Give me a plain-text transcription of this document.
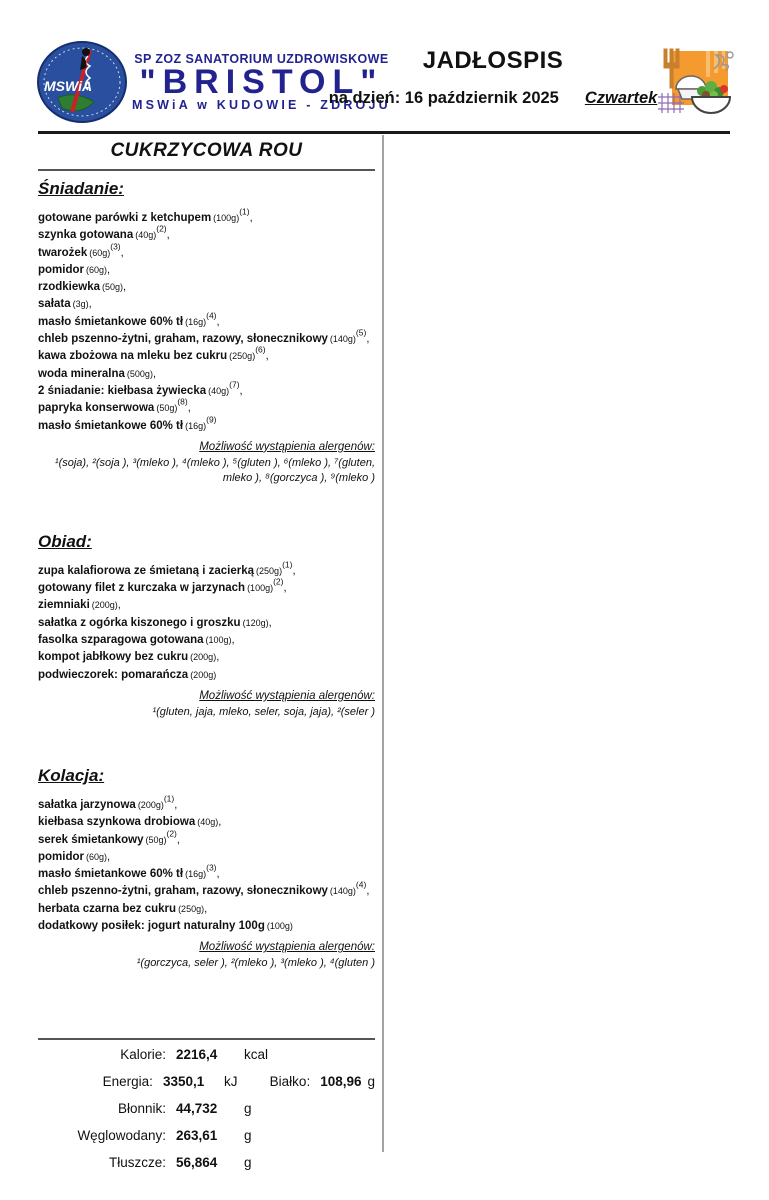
MSWiA
SP ZOZ SANATORIUM UZDROWISKOWE
"BRISTOL"
MSWiA w KUDOWIE - ZDROJU
JADŁOSPIS
na dzień: 16 październik 2025 Czwartek
CUKRZYCOWA ROU
Śniadanie:
gotowane parówki z ketchupem $(100g)^{(1)}$,
szynka gotowana $(40g)^{(2)}$,
twarożek $(60g)^{(3)}$,
pomidor (60g),
rzodkiewka (50g),
sałata (3g),
masło śmietankowe 60% tł $(16g)^{(4)}$,
chleb pszenno-żytni, graham, razowy, słonecznikowy $(140g)^{(5)}$,
kawa zbożowa na mleku bez cukru $(250g)^{(6)}$,
woda mineralna (500g),
2 śniadanie: kiełbasa żywiecka $(40g)^{(7)}$,
papryka konserwowa $(50g)^{(8)}$,
masło śmietankowe 60% tł $(16g)^{(9)}$
Możliwość wystąpienia alergenów:
¹(soja), ²(soja ), ³(mleko ), ⁴(mleko ), ⁵(gluten ), ⁶(mleko ), ⁷(gluten,
mleko ), ⁸(gorczyca ), ⁹(mleko )
Obiad:
zupa kalafiorowa ze śmietaną i zacierką $(250g)^{(1)}$,
gotowany filet z kurczaka w jarzynach $(100g)^{(2)}$,
ziemniaki (200g),
sałatka z ogórka kiszonego i groszku (120g),
fasolka szparagowa gotowana (100g),
kompot jabłkowy bez cukru (200g),
podwieczorek: pomarańcza (200g)
Możliwość wystąpienia alergenów:
¹(gluten, jaja, mleko, seler, soja, jaja), ²(seler )
Kolacja:
sałatka jarzynowa $(200g)^{(1)}$,
kiełbasa szynkowa drobiowa (40g),
serek śmietankowy $(50g)^{(2)}$,
pomidor (60g),
masło śmietankowe 60% tł $(16g)^{(3)}$,
chleb pszenno-żytni, graham, razowy, słonecznikowy $(140g)^{(4)}$,
herbata czarna bez cukru (250g),
dodatkowy posiłek: jogurt naturalny 100g (100g)
Możliwość wystąpienia alergenów:
¹(gorczyca, seler ), ²(mleko ), ³(mleko ), ⁴(gluten )
Kalorie: 2216,4	kcal
Energia: 3350,1	kJ	Białko: 108,96 g
Błonnik: 44,732	g
Węglowodany: 263,61	g
Tłuszcze: 56,864	g
